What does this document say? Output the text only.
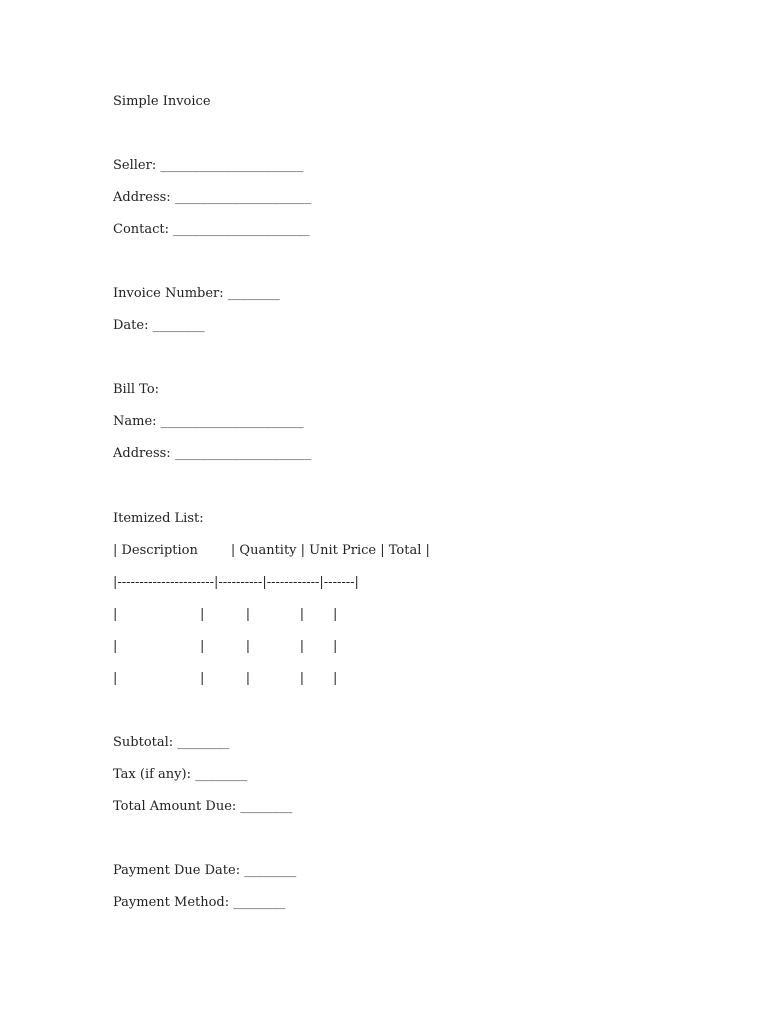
Simple Invoice
Seller: ______________________
Address: _____________________
Contact: _____________________
Invoice Number: ________
Date: ________
Bill To:
Name: ______________________
Address: _____________________
Itemized List:
| Description        | Quantity | Unit Price | Total |
|----------------------|----------|------------|-------|
|                    |          |            |       |
|                    |          |            |       |
|                    |          |            |       |
Subtotal: ________
Tax (if any): ________
Total Amount Due: ________
Payment Due Date: ________
Payment Method: ________
